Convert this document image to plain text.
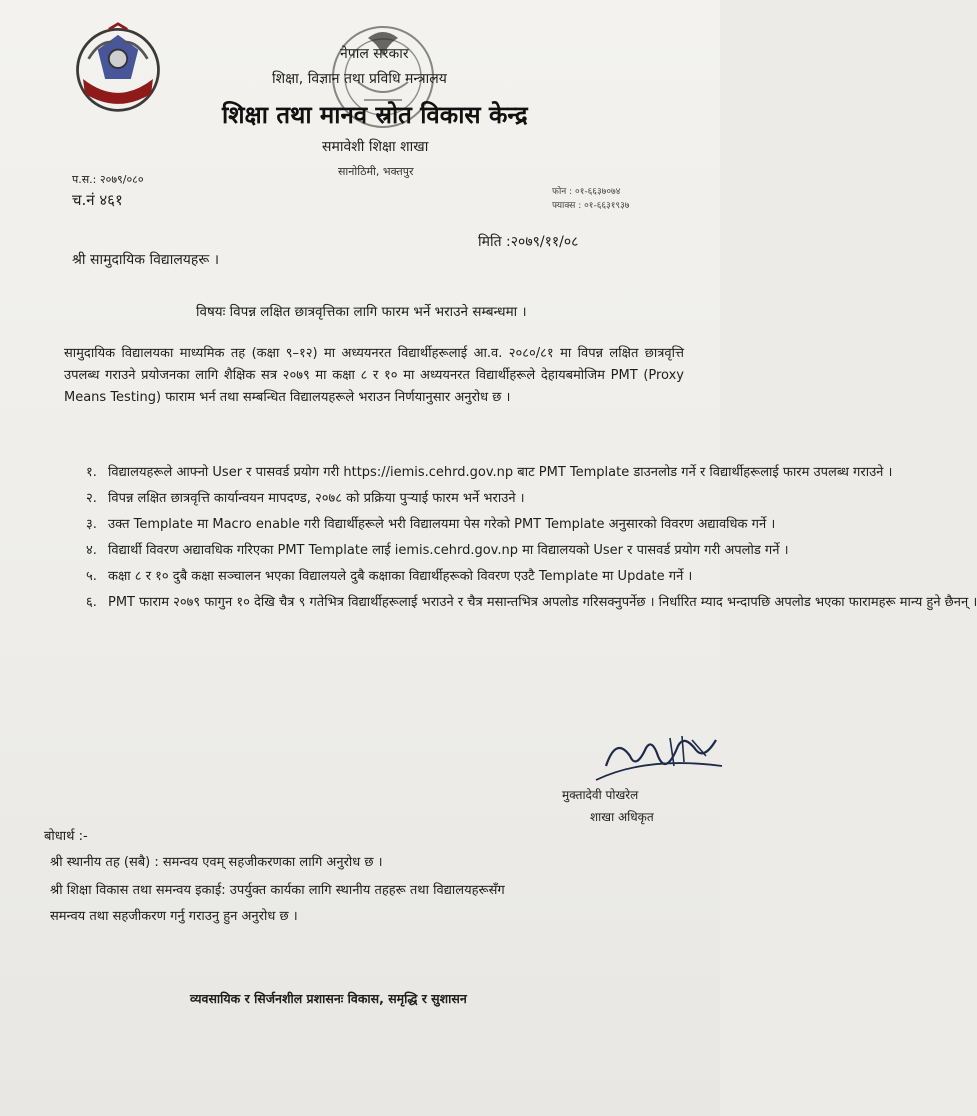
नेपाल सरकार
शिक्षा, विज्ञान तथा प्रविधि मन्त्रालय
शिक्षा तथा मानव स्रोत विकास केन्द्र
समावेशी शिक्षा शाखा
सानोठिमी, भक्तपुर
प.स.: २०७९/०८०
च.नं ४६१	फोन : ०१-६६३७०७४
फ्याक्स : ०१-६६३१९३७
मिति :२०७९/११/०८
श्री सामुदायिक विद्यालयहरू ।
विषयः विपन्न लक्षित छात्रवृत्तिका लागि फारम भर्ने भराउने सम्बन्धमा ।
सामुदायिक विद्यालयका माध्यमिक तह (कक्षा ९–१२) मा अध्ययनरत विद्यार्थीहरूलाई आ.व. २०८०/८१ मा विपन्न लक्षित छात्रवृत्ति उपलब्ध गराउने प्रयोजनका लागि शैक्षिक सत्र २०७९ मा कक्षा ८ र १० मा अध्ययनरत विद्यार्थीहरूले देहायबमोजिम PMT (Proxy Means Testing) फाराम भर्न तथा सम्बन्धित विद्यालयहरूले भराउन निर्णयानुसार अनुरोध छ ।
१. विद्यालयहरूले आफ्नो User र पासवर्ड प्रयोग गरी https://iemis.cehrd.gov.np बाट PMT Template डाउनलोड गर्ने र विद्यार्थीहरूलाई फारम उपलब्ध गराउने ।
२. विपन्न लक्षित छात्रवृत्ति कार्यान्वयन मापदण्ड, २०७८ को प्रक्रिया पुऱ्याई फारम भर्ने भराउने ।
३. उक्त Template मा Macro enable गरी विद्यार्थीहरूले भरी विद्यालयमा पेस गरेको PMT Template अनुसारको विवरण अद्यावधिक गर्ने ।
४. विद्यार्थी विवरण अद्यावधिक गरिएका PMT Template लाई iemis.cehrd.gov.np मा विद्यालयको User र पासवर्ड प्रयोग गरी अपलोड गर्ने ।
५. कक्षा ८ र १० दुबै कक्षा सञ्चालन भएका विद्यालयले दुबै कक्षाका विद्यार्थीहरूको विवरण एउटै Template मा Update गर्ने ।
६. PMT फाराम २०७९ फागुन १० देखि चैत्र ९ गतेभित्र विद्यार्थीहरूलाई भराउने र चैत्र मसान्तभित्र अपलोड गरिसक्नुपर्नेछ । निर्धारित म्याद भन्दापछि अपलोड भएका फारामहरू मान्य हुने छैनन् ।
मुक्तादेवी पोखरेल
शाखा अधिकृत
बोधार्थ :-
श्री स्थानीय तह (सबै) : समन्वय एवम् सहजीकरणका लागि अनुरोध छ ।
श्री शिक्षा विकास तथा समन्वय इकाई: उपर्युक्त कार्यका लागि स्थानीय तहहरू तथा विद्यालयहरूसँग
समन्वय तथा सहजीकरण गर्नु गराउनु हुन अनुरोध छ ।
व्यवसायिक र सिर्जनशील प्रशासनः विकास, समृद्धि र सुशासन
